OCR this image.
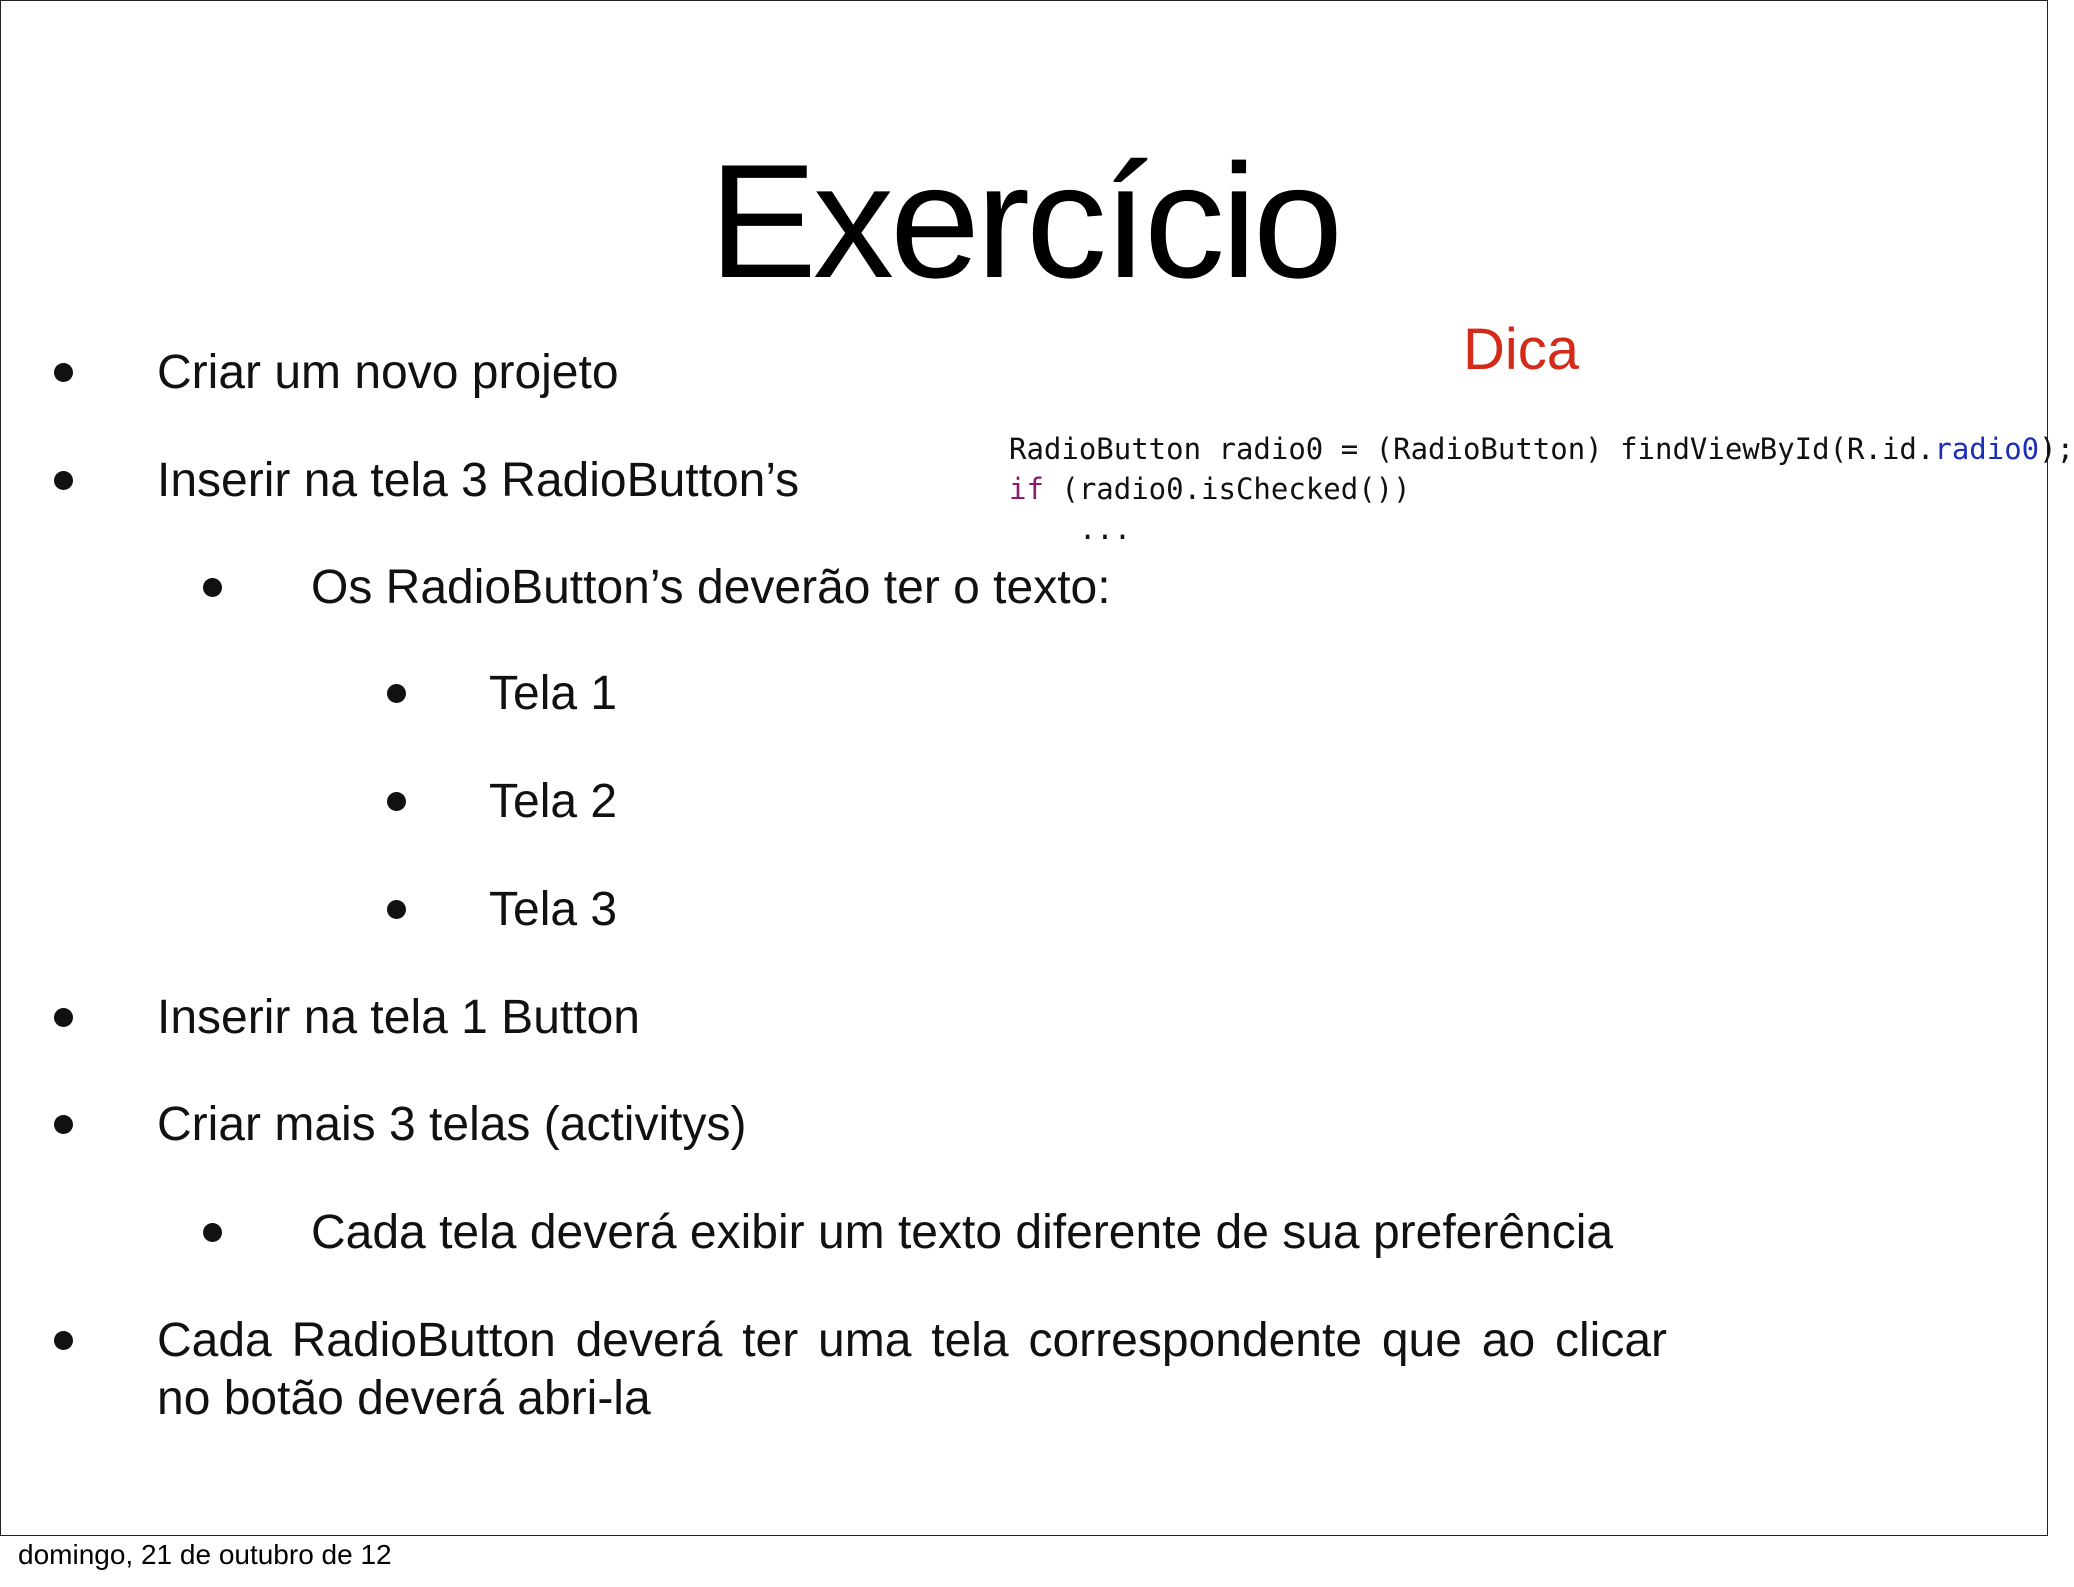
Exercício
Criar um novo projeto
Inserir na tela 3 RadioButton’s
Os RadioButton’s deverão ter o texto:
Tela 1
Tela 2
Tela 3
Inserir na tela 1 Button
Criar mais 3 telas (activitys)
Cada tela deverá exibir um texto diferente de sua preferência
Cada RadioButton deverá ter uma tela correspondente que ao clicar no botão deverá abri-la
Dica
RadioButton radio0 = (RadioButton) findViewById(R.id.radio0);
if (radio0.isChecked())
...
domingo, 21 de outubro de 12
